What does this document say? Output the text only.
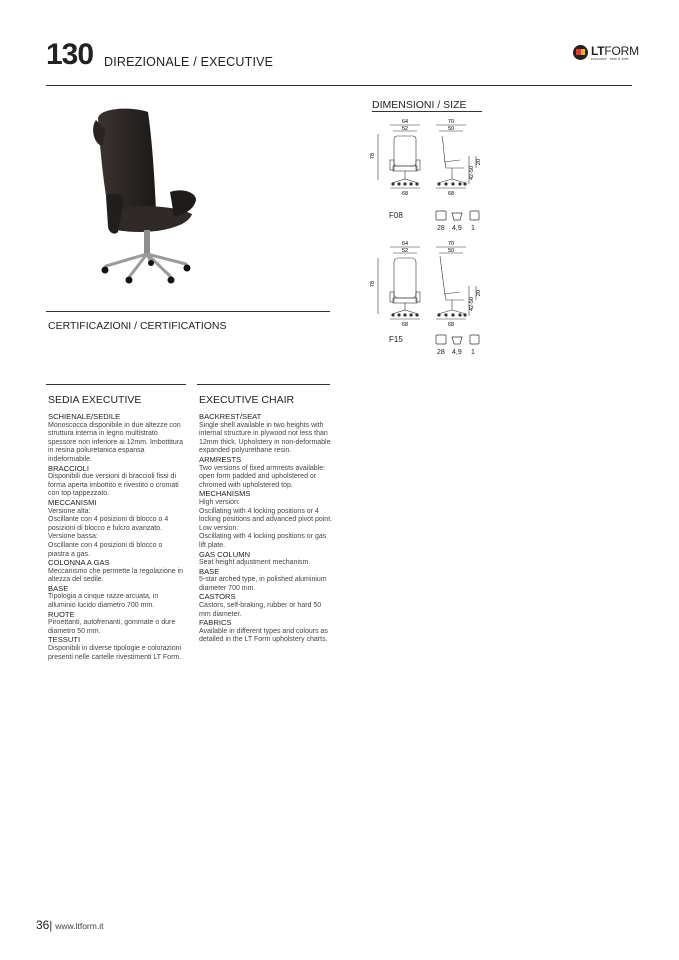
130 DIREZIONALE / EXECUTIVE
LTFORM
executive · task & seat
DIMENSIONI / SIZE
64
52
70
50
78
42-50
20
68	68
F08
28 4,9 1
64
52
70
50
78
42-50
20
68	68
F15
28 4,9 1
CERTIFICAZIONI / CERTIFICATIONS
SEDIA EXECUTIVE
SCHIENALE/SEDILE
Monoscocca disponibile in due altezze con struttura interna in legno multistrato spessore non inferiore ai 12mm. Imbottitura in resina poliuretanica espansa indeformabile.
BRACCIOLI
Disponibili due versioni di braccioli fissi di forma aperta imbottito e rivestito o cromati con top tappezzato.
MECCANISMI
Versione alta:
Oscillante con 4 posizioni di blocco o 4 posizioni di blocco e fulcro avanzato.
Versione bassa:
Oscillante con 4 posizioni di blocco o piastra a gas.
COLONNA A GAS
Meccanismo che permette la regolazione in altezza del sedile.
BASE
Tipologia a cinque razze arcuata, in alluminio lucido diametro 700 mm.
RUOTE
Piroettanti, autofrenanti, gommate o dure diametro 50 mm.
TESSUTI
Disponibili in diverse tipologie e colorazioni presenti nelle cartelle rivestimenti LT Form.
EXECUTIVE CHAIR
BACKREST/SEAT
Single shell available in two heights with internal structure in plywood not less than 12mm thick. Upholstery in non-deformable expanded polyurethane resin.
ARMRESTS
Two versions of fixed armrests available: open form padded and upholstered or chromed with upholstered top.
MECHANISMS
High version:
Oscillating with 4 locking positions or 4 locking positions and advanced pivot point.
Low version:
Oscillating with 4 locking positions or gas lift plate.
GAS COLUMN
Seat height adjustment mechanism.
BASE
5-star arched type, in polished aluminium diameter 700 mm.
CASTORS
Castors, self-braking, rubber or hard 50 mm diameter.
FABRICS
Available in different types and colours as detailed in the LT Form upholstery charts.
36| www.ltform.it
